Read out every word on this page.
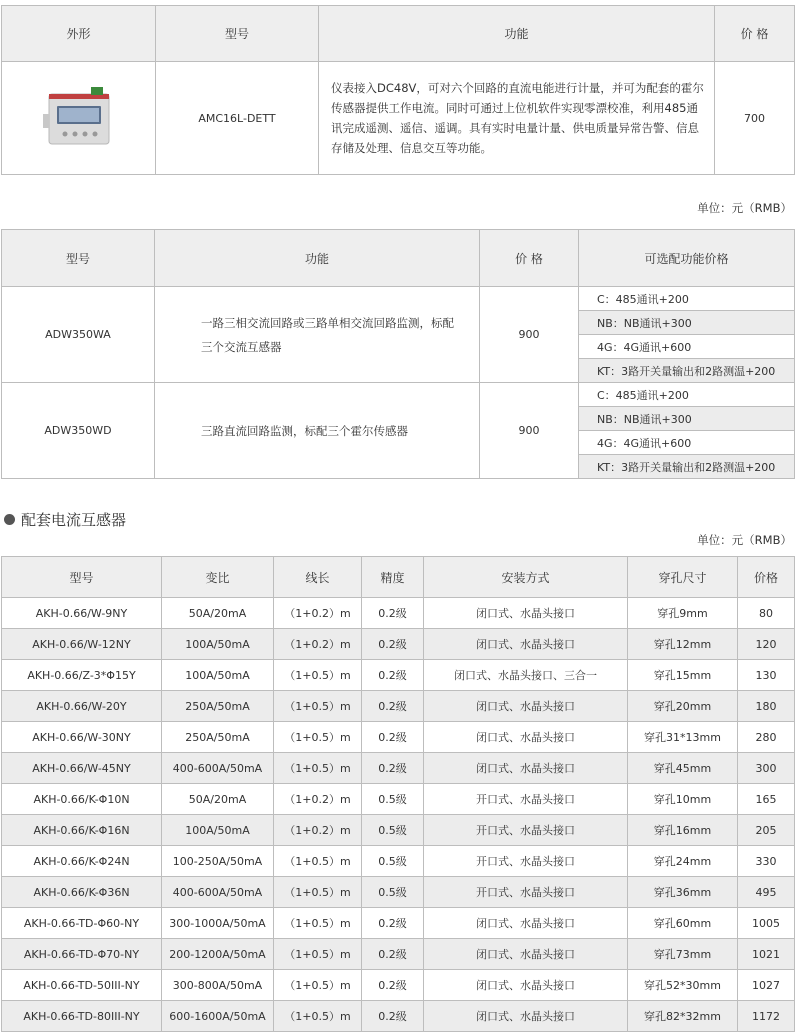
外形	型号	功能	价 格
	AMC16L-DETT	仪表接入DC48V，可对六个回路的直流电能进行计量，并可为配套的霍尔传感器提供工作电流。同时可通过上位机软件实现零漂校准，利用485通讯完成遥测、遥信、遥调。具有实时电量计量、供电质量异常告警、信息存储及处理、信息交互等功能。	700
单位：元（RMB）
型号	功能	价 格	可选配功能价格
ADW350WA	一路三相交流回路或三路单相交流回路监测，标配三个交流互感器	900	C：485通讯+200
			NB：NB通讯+300
			4G：4G通讯+600
			KT：3路开关量输出和2路测温+200
ADW350WD	三路直流回路监测，标配三个霍尔传感器	900	C：485通讯+200
			NB：NB通讯+300
			4G：4G通讯+600
			KT：3路开关量输出和2路测温+200
配套电流互感器
单位：元（RMB）
型号	变比	线长	精度	安装方式	穿孔尺寸	价格
AKH-0.66/W-9NY	50A/20mA	（1+0.2）m	0.2级	闭口式、水晶头接口	穿孔9mm	80
AKH-0.66/W-12NY	100A/50mA	（1+0.2）m	0.2级	闭口式、水晶头接口	穿孔12mm	120
AKH-0.66/Z-3*Φ15Y	100A/50mA	（1+0.5）m	0.2级	闭口式、水晶头接口、三合一	穿孔15mm	130
AKH-0.66/W-20Y	250A/50mA	（1+0.5）m	0.2级	闭口式、水晶头接口	穿孔20mm	180
AKH-0.66/W-30NY	250A/50mA	（1+0.5）m	0.2级	闭口式、水晶头接口	穿孔31*13mm	280
AKH-0.66/W-45NY	400-600A/50mA	（1+0.5）m	0.2级	闭口式、水晶头接口	穿孔45mm	300
AKH-0.66/K-Φ10N	50A/20mA	（1+0.2）m	0.5级	开口式、水晶头接口	穿孔10mm	165
AKH-0.66/K-Φ16N	100A/50mA	（1+0.2）m	0.5级	开口式、水晶头接口	穿孔16mm	205
AKH-0.66/K-Φ24N	100-250A/50mA	（1+0.5）m	0.5级	开口式、水晶头接口	穿孔24mm	330
AKH-0.66/K-Φ36N	400-600A/50mA	（1+0.5）m	0.5级	开口式、水晶头接口	穿孔36mm	495
AKH-0.66-TD-Φ60-NY	300-1000A/50mA	（1+0.5）m	0.2级	闭口式、水晶头接口	穿孔60mm	1005
AKH-0.66-TD-Φ70-NY	200-1200A/50mA	（1+0.5）m	0.2级	闭口式、水晶头接口	穿孔73mm	1021
AKH-0.66-TD-50III-NY	300-800A/50mA	（1+0.5）m	0.2级	闭口式、水晶头接口	穿孔52*30mm	1027
AKH-0.66-TD-80III-NY	600-1600A/50mA	（1+0.5）m	0.2级	闭口式、水晶头接口	穿孔82*32mm	1172
